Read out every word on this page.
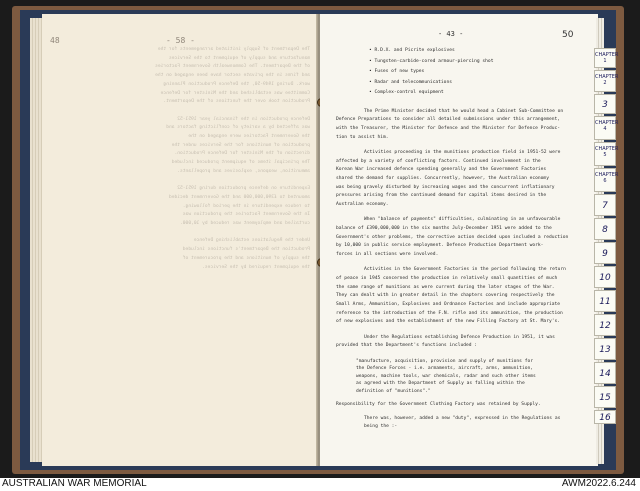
The Department of Supply initiated arrangements for the
manufacture and supply of equipment to the Services
of the Department. The Commonwealth Government Factories
and firms in the private sector have been engaged on the
work. During 1949-50, the Defence Production Planning
Committee was established and the Minister for Defence
Production took over the functions of the Department.

Defence production in the financial year 1951-52
was affected by a variety of conflicting factors and
the Government Factories were engaged on the
production of munitions for the Services under the
direction of the Minister for Defence Production.
The principal items of equipment produced included
ammunition, weapons, explosives and propellants.

Expenditure on defence production during 1951-52
amounted to £390,000,000 and the Government decided
to reduce expenditure in the period following.
In the Government Factories the production was
curtailed and employment was reduced by 10,000.

Under the Regulations establishing Defence
Production the Department's functions included
the supply of munitions and the procurement of
the equipment required by the Services.
48	- 58 -
- 43 -	50
CHAPTER 1
CHAPTER 2
3
CHAPTER 4
CHAPTER 5
CHAPTER 6
7
8
9
10
11
12
13
14
15
16
• R.D.X. and Picrite explosives
• Tungsten-carbide-cored armour-piercing shot
• Fuses of new types
• Radar and telecommunications
• Complex-control equipment
The Prime Minister decided that he would head a Cabinet Sub-Committee on
Defence Preparations to consider all detailed submissions under this arrangement,
with the Treasurer, the Minister for Defence and the Minister for Defence Produc-
tion to assist him.
Activities proceeding in the munitions production field in 1951-52 were
affected by a variety of conflicting factors. Continued involvement in the
Korean War increased defence spending generally and the Government Factories
shared the demand for supplies. Concurrently, however, the Australian economy
was being gravely disturbed by increasing wages and the concurrent inflationary
pressures arising from the continued demand for capital items desired in the
Australian economy.
When "balance of payments" difficulties, culminating in an unfavourable
balance of £390,000,000 in the six months July-December 1951 were added to the
Government's other problems, the corrective action decided upon included a reduction
by 10,000 in public service employment. Defence Production Department work-
forces in all sections were involved.
Activities in the Government Factories in the period following the return
of peace in 1945 concerned the production in relatively small quantities of much
the same range of munitions as were current during the later stages of the War.
They can dealt with in greater detail in the chapters covering respectively the
Small Arms, Ammunition, Explosives and Ordnance Factories and include appropriate
reference to the introduction of the F.N. rifle and its ammunition, the production
of new explosives and the establishment of the new Filling Factory at St. Mary's.
Under the Regulations establishing Defence Production in 1951, it was
provided that the Department's functions included :
"manufacture, acquisition, provision and supply of munitions for
the Defence Forces - i.e. armaments, aircraft, arms, ammunition,
weapons, machine tools, war chemicals, radar and such other items
as agreed with the Department of Supply as falling within the
definition of "munitions"."
Responsibility for the Government Clothing Factory was retained by Supply.
There was, however, added a new "duty", expressed in the Regulations as
being the :-
AUSTRALIAN WAR MEMORIAL	AWM2022.6.244
